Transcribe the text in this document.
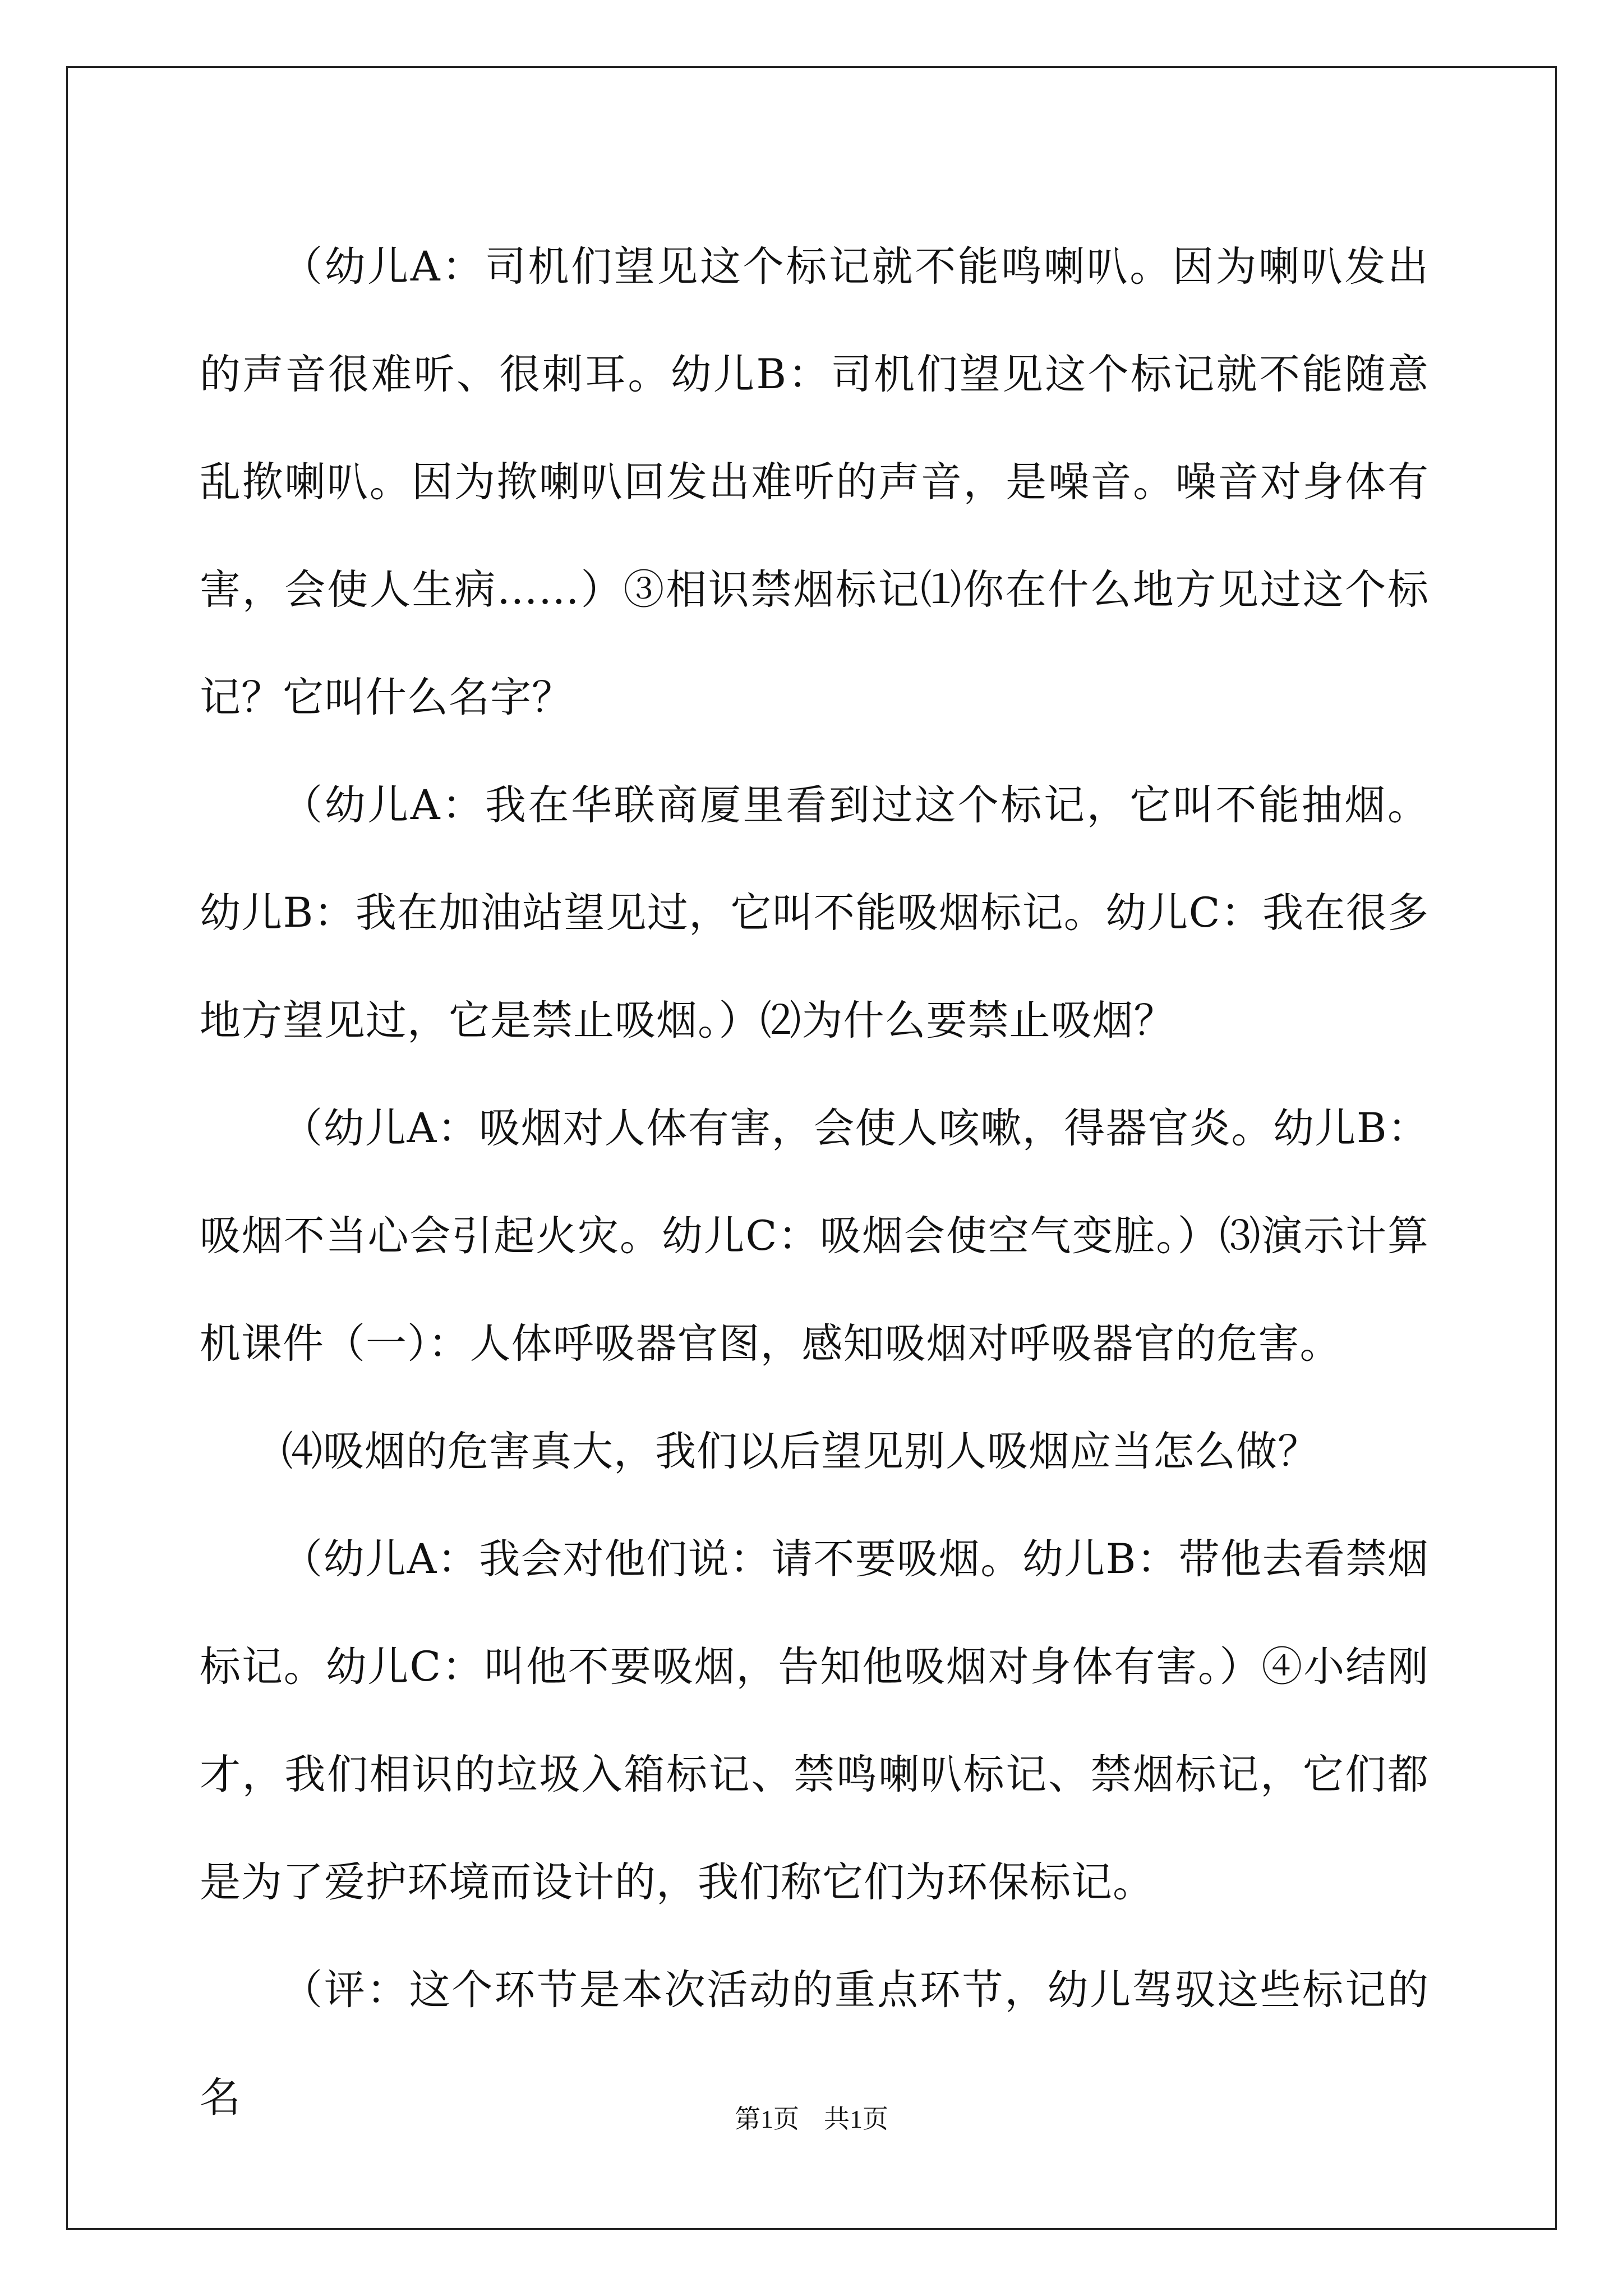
（幼儿A：司机们望见这个标记就不能鸣喇叭。因为喇叭发出的声音很难听、很刺耳。幼儿B：司机们望见这个标记就不能随意乱揿喇叭。因为揿喇叭回发出难听的声音，是噪音。噪音对身体有害，会使人生病……）③相识禁烟标记⑴你在什么地方见过这个标记？它叫什么名字？

（幼儿A：我在华联商厦里看到过这个标记，它叫不能抽烟。幼儿B：我在加油站望见过，它叫不能吸烟标记。幼儿C：我在很多地方望见过，它是禁止吸烟。）⑵为什么要禁止吸烟？

（幼儿A：吸烟对人体有害，会使人咳嗽，得器官炎。幼儿B：吸烟不当心会引起火灾。幼儿C：吸烟会使空气变脏。）⑶演示计算机课件（一）：人体呼吸器官图，感知吸烟对呼吸器官的危害。

⑷吸烟的危害真大，我们以后望见别人吸烟应当怎么做？

（幼儿A：我会对他们说：请不要吸烟。幼儿B：带他去看禁烟标记。幼儿C：叫他不要吸烟，告知他吸烟对身体有害。）④小结刚才，我们相识的垃圾入箱标记、禁鸣喇叭标记、禁烟标记，它们都是为了爱护环境而设计的，我们称它们为环保标记。

（评：这个环节是本次活动的重点环节，幼儿驾驭这些标记的名	第1页 共1页
